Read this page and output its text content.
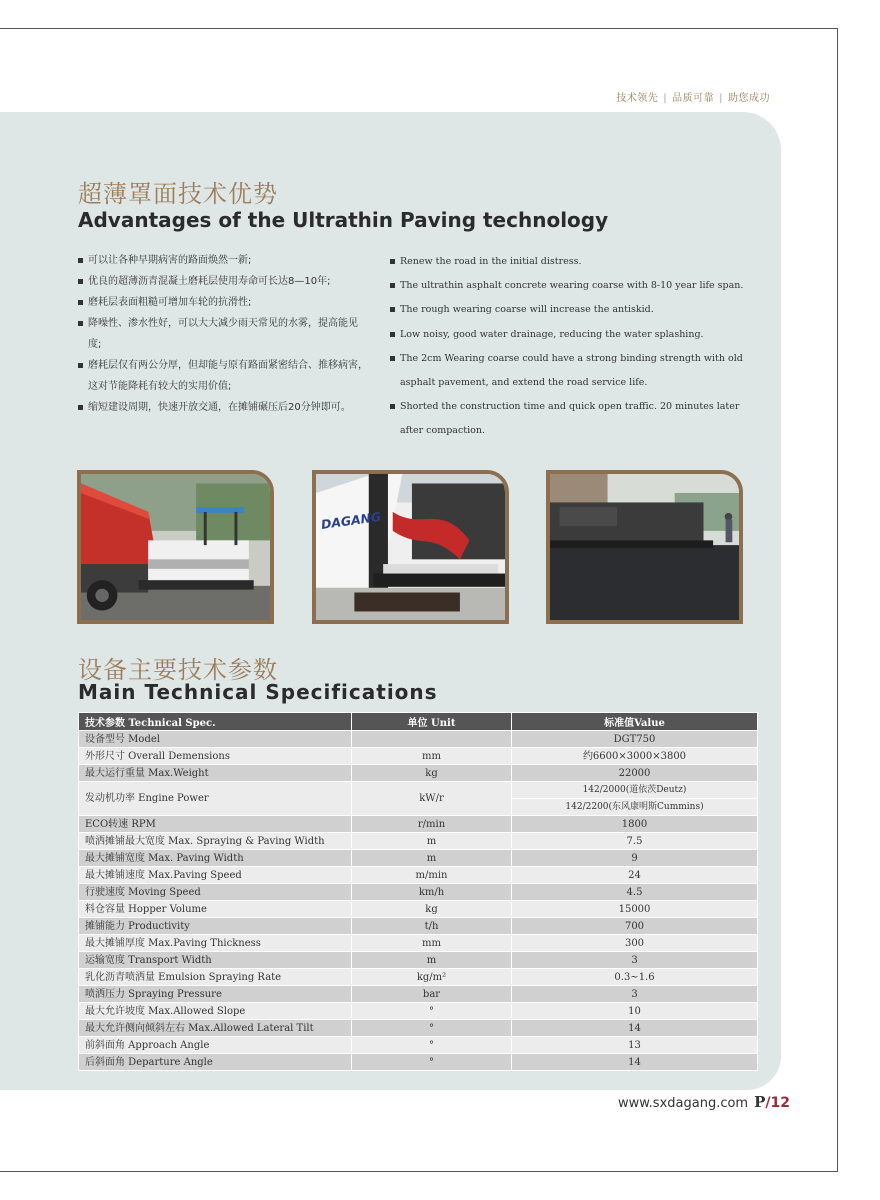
技术领先 | 品质可靠 | 助您成功
超薄罩面技术优势
Advantages of the Ultrathin Paving technology
可以让各种早期病害的路面焕然一新;
优良的超薄沥青混凝土磨耗层使用寿命可长达8—10年;
磨耗层表面粗糙可增加车轮的抗滑性;
降噪性、渗水性好，可以大大减少雨天常见的水雾，提高能见度;
磨耗层仅有两公分厚，但却能与原有路面紧密结合、推移病害，这对节能降耗有较大的实用价值;
缩短建设周期，快速开放交通，在摊铺碾压后20分钟即可。
Renew the road in the initial distress.
The ultrathin asphalt concrete wearing coarse with 8-10 year life span.
The rough wearing coarse will increase the antiskid.
Low noisy, good water drainage, reducing the water splashing.
The 2cm Wearing coarse could have a strong binding strength with old asphalt pavement, and extend the road service life.
Shorted the construction time and quick open traffic. 20 minutes later after compaction.
DAGANG
设备主要技术参数
Main Technical Specifications
技术参数 Technical Spec.	单位 Unit	标准值Value
设备型号 Model		DGT750
外形尺寸 Overall Demensions	mm	约6600×3000×3800
最大运行重量 Max.Weight	kg	22000
发动机功率 Engine Power	kW/r	142/2000(道依茨Deutz)
142/2200(东风康明斯Cummins)

ECO转速 RPM	r/min	1800
喷洒摊铺最大宽度 Max. Spraying & Paving Width	m	7.5
最大摊铺宽度 Max. Paving Width	m	9
最大摊铺速度 Max.Paving Speed	m/min	24
行驶速度 Moving Speed	km/h	4.5
料仓容量 Hopper Volume	kg	15000
摊铺能力 Productivity	t/h	700
最大摊铺厚度 Max.Paving Thickness	mm	300
运输宽度 Transport Width	m	3
乳化沥青喷洒量 Emulsion Spraying Rate	kg/m²	0.3~1.6
喷洒压力 Spraying Pressure	bar	3
最大允许坡度 Max.Allowed Slope	°	10
最大允许侧向倾斜左右 Max.Allowed Lateral Tilt	°	14
前斜面角 Approach Angle	°	13
后斜面角 Departure Angle	°	14
www.sxdagang.com P/12
